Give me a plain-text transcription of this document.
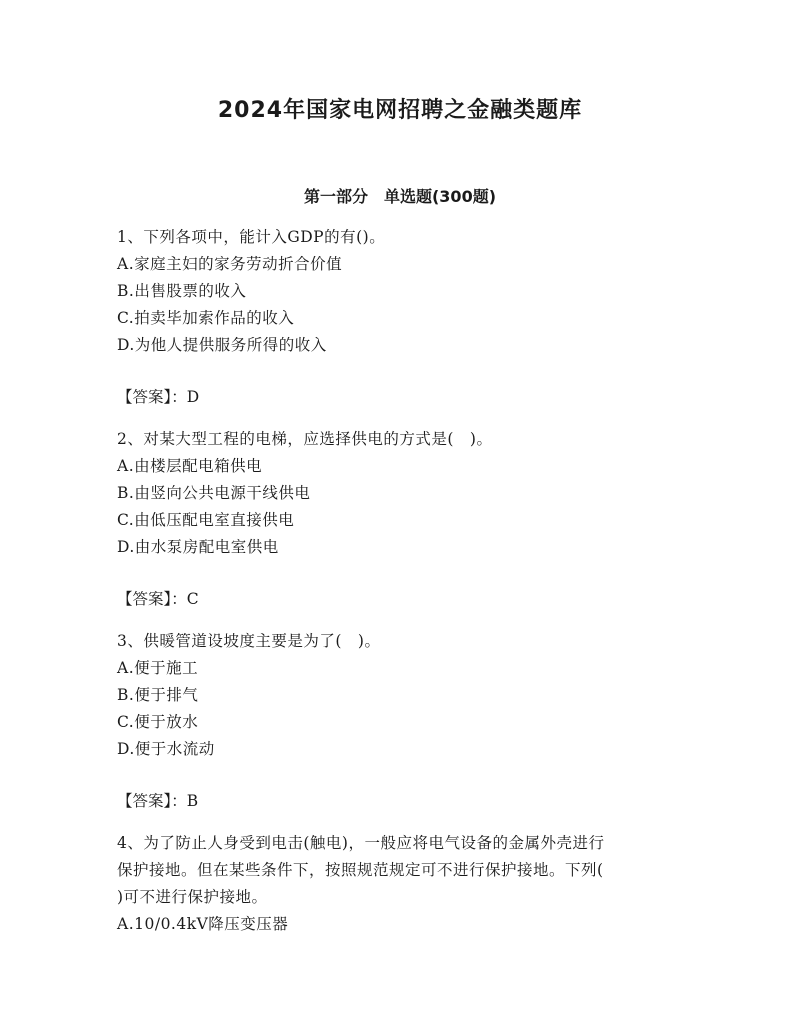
2024年国家电网招聘之金融类题库
第一部分　单选题(300题)
1、下列各项中，能计入GDP的有()。
A.家庭主妇的家务劳动折合价值
B.出售股票的收入
C.拍卖毕加索作品的收入
D.为他人提供服务所得的收入
【答案】：D
2、对某大型工程的电梯，应选择供电的方式是(　)。
A.由楼层配电箱供电
B.由竖向公共电源干线供电
C.由低压配电室直接供电
D.由水泵房配电室供电
【答案】：C
3、供暖管道设坡度主要是为了(　)。
A.便于施工
B.便于排气
C.便于放水
D.便于水流动
【答案】：B
4、为了防止人身受到电击(触电)，一般应将电气设备的金属外壳进行
保护接地。但在某些条件下，按照规范规定可不进行保护接地。下列(
)可不进行保护接地。
A.10/0.4kV降压变压器
